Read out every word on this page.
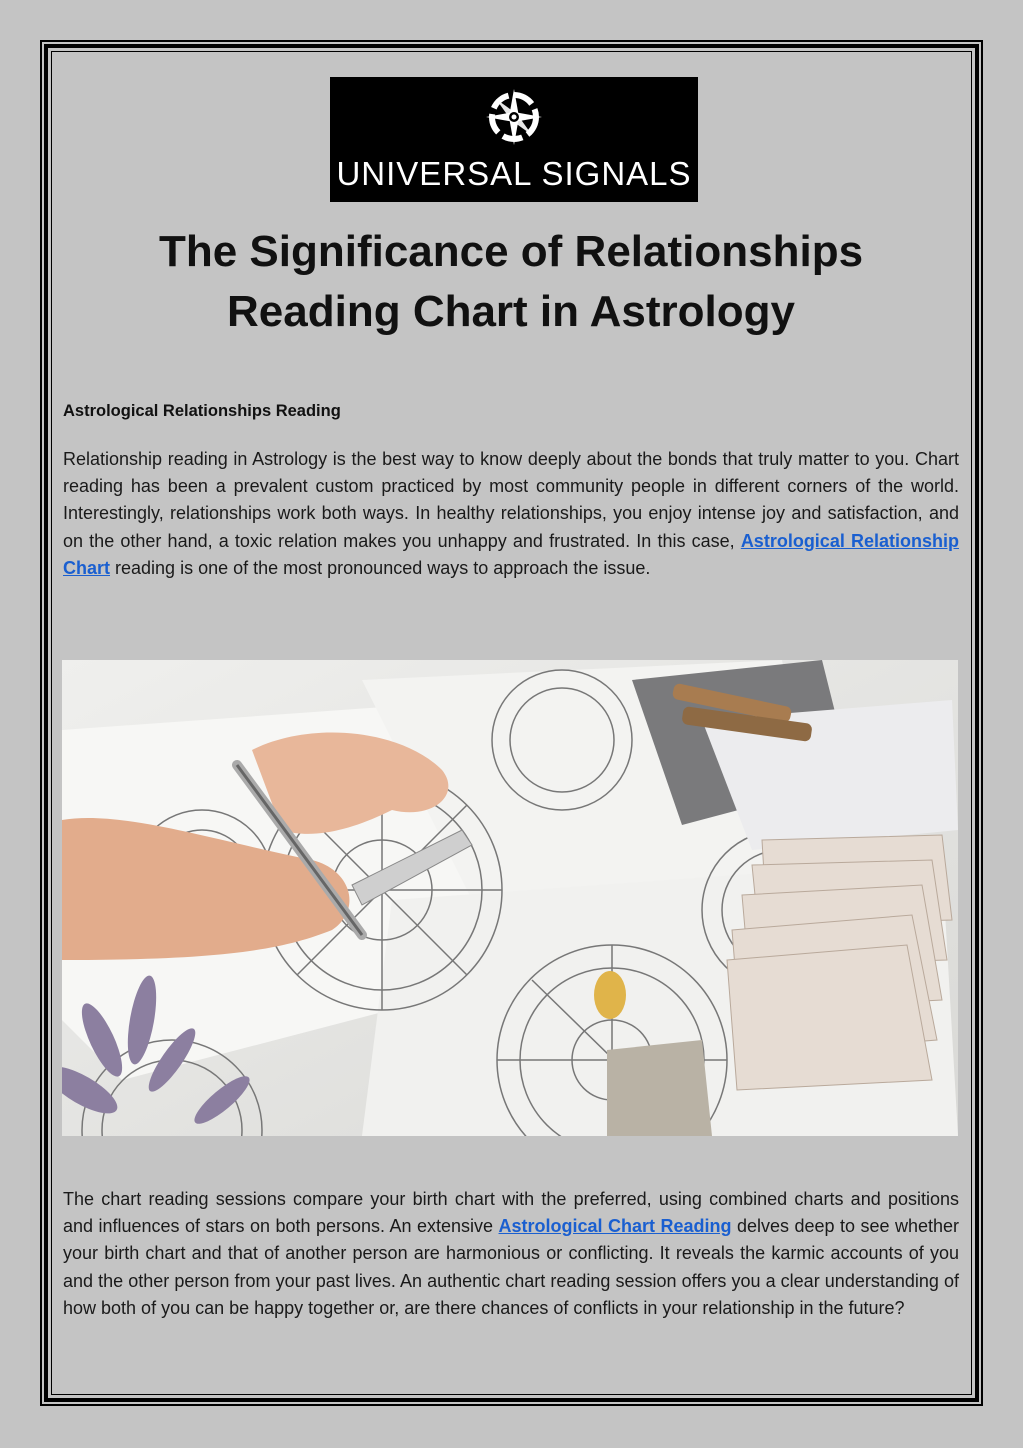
UNIVERSAL SIGNALS
The Significance of Relationships
Reading Chart in Astrology
Astrological Relationships Reading

Relationship reading in Astrology is the best way to know deeply about the bonds that truly matter to you. Chart reading has been a prevalent custom practiced by most community people in different corners of the world. Interestingly, relationships work both ways. In healthy relationships, you enjoy intense joy and satisfaction, and on the other hand, a toxic relation makes you unhappy and frustrated. In this case, Astrological Relationship Chart reading is one of the most pronounced ways to approach the issue.

The chart reading sessions compare your birth chart with the preferred, using combined charts and positions and influences of stars on both persons. An extensive Astrological Chart Reading delves deep to see whether your birth chart and that of another person are harmonious or conflicting. It reveals the karmic accounts of you and the other person from your past lives. An authentic chart reading session offers you a clear understanding of how both of you can be happy together or, are there chances of conflicts in your relationship in the future?
